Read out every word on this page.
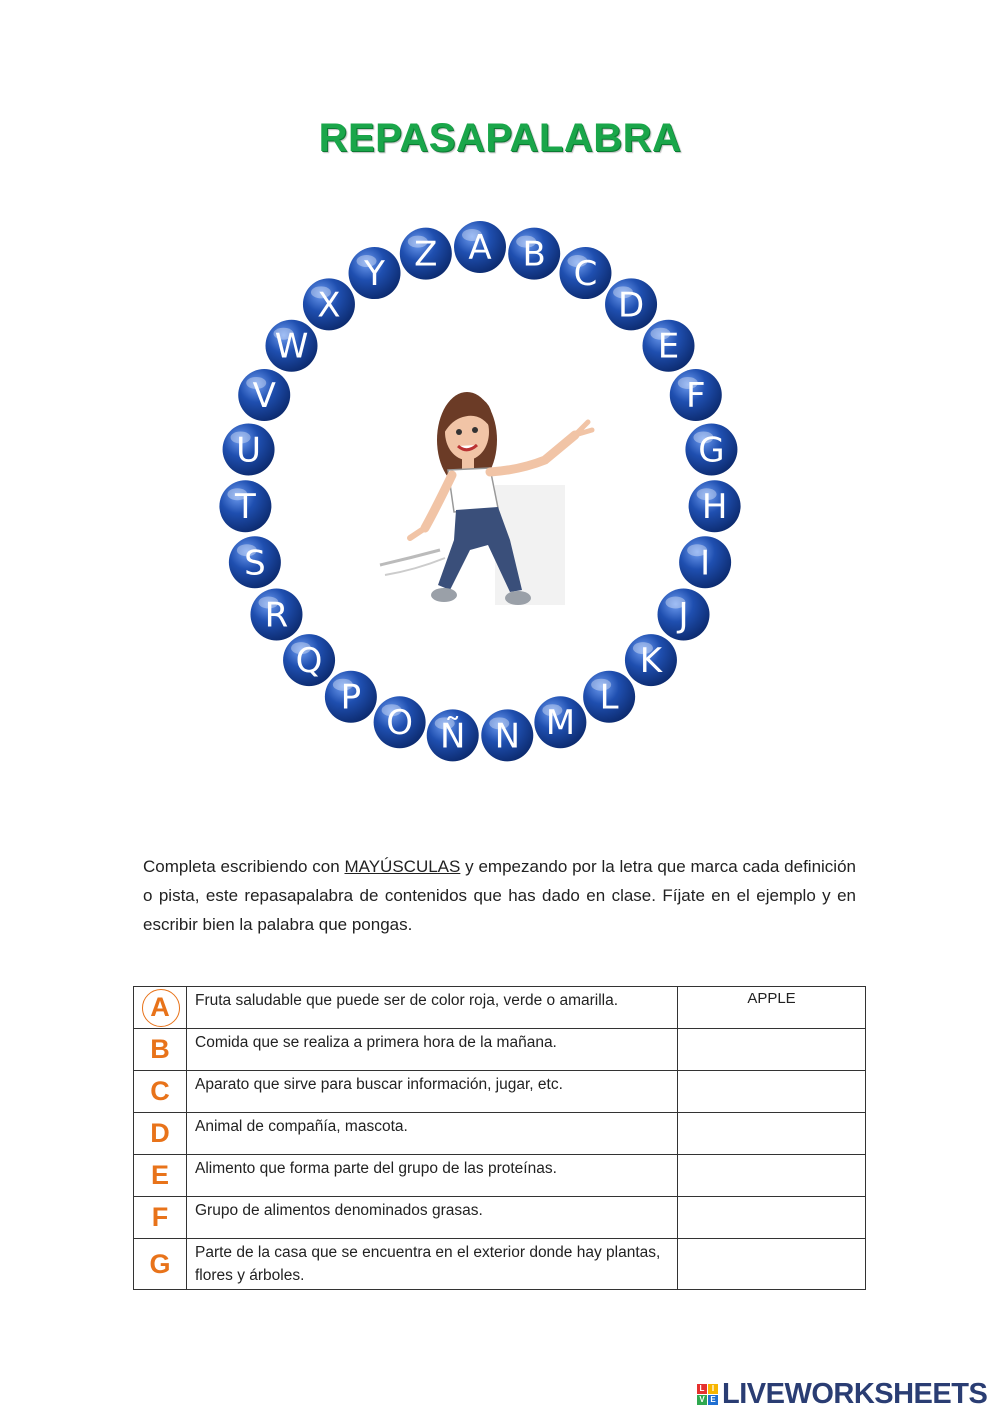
REPASAPALABRA
A B C
D
E
F
G
H
I
J
K
L
M
N
Ñ
O
P
Q
R
S
T
U
V
W
X
Y Z
Completa escribiendo con MAYÚSCULAS y empezando por la letra que marca cada definición o pista, este repasapalabra de contenidos que has dado en clase. Fíjate en el ejemplo y en escribir bien la palabra que pongas.
A	Fruta saludable que puede ser de color roja, verde o amarilla.	APPLE
B	Comida que se realiza a primera hora de la mañana.	
C	Aparato que sirve para buscar información, jugar, etc.	
D	Animal de compañía, mascota.	
E	Alimento que forma parte del grupo de las proteínas.	
F	Grupo de alimentos denominados grasas.	
G	Parte de la casa que se encuentra en el exterior donde hay plantas, flores y árboles.	
L I
V E LIVEWORKSHEETS
